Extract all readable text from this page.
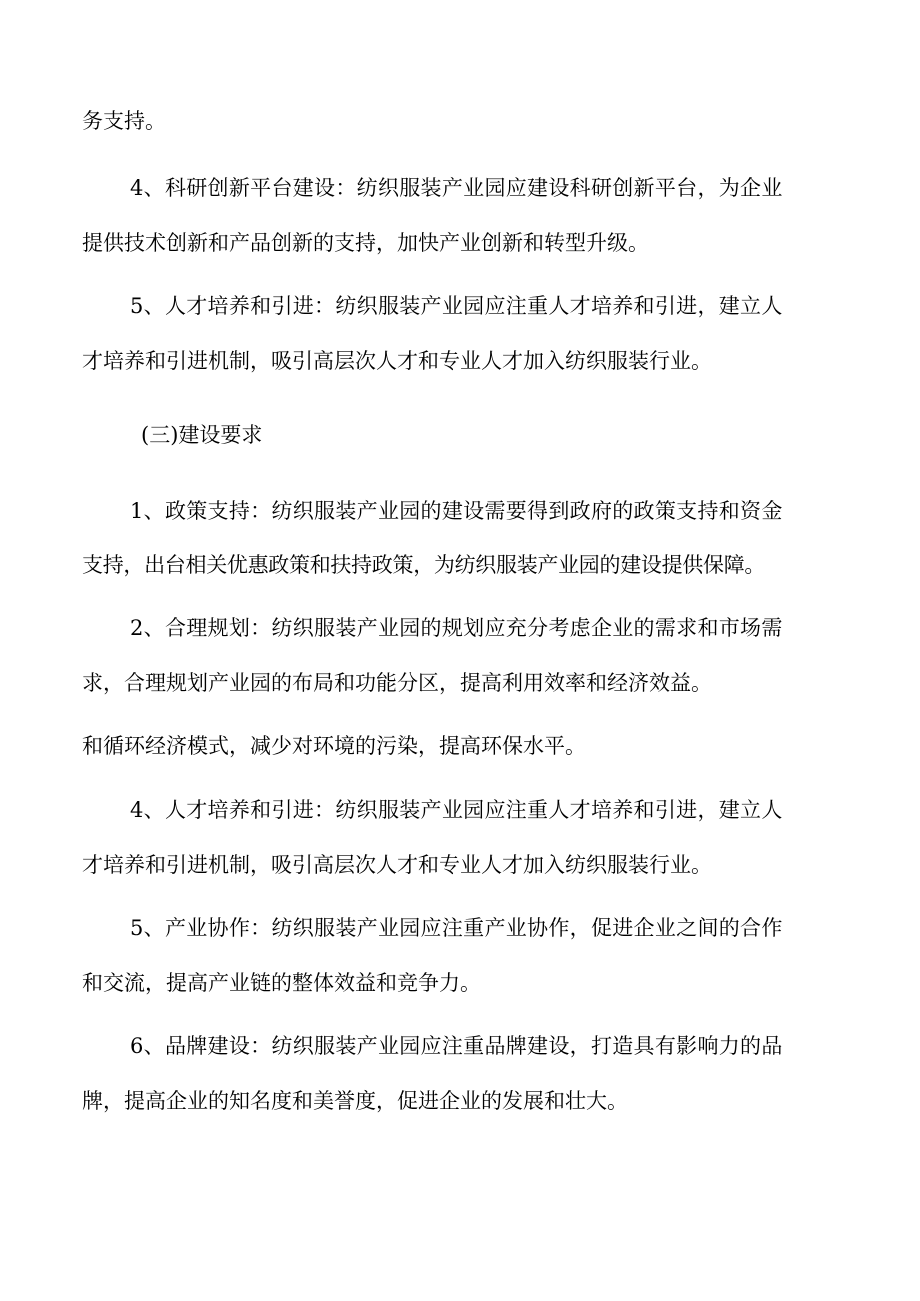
务支持。
4、科研创新平台建设：纺织服装产业园应建设科研创新平台，为企业
提供技术创新和产品创新的支持，加快产业创新和转型升级。
5、人才培养和引进：纺织服装产业园应注重人才培养和引进，建立人
才培养和引进机制，吸引高层次人才和专业人才加入纺织服装行业。
(三)建设要求
1、政策支持：纺织服装产业园的建设需要得到政府的政策支持和资金
支持，出台相关优惠政策和扶持政策，为纺织服装产业园的建设提供保障。
2、合理规划：纺织服装产业园的规划应充分考虑企业的需求和市场需
求，合理规划产业园的布局和功能分区，提高利用效率和经济效益。
和循环经济模式，减少对环境的污染，提高环保水平。
4、人才培养和引进：纺织服装产业园应注重人才培养和引进，建立人
才培养和引进机制，吸引高层次人才和专业人才加入纺织服装行业。
5、产业协作：纺织服装产业园应注重产业协作，促进企业之间的合作
和交流，提高产业链的整体效益和竞争力。
6、品牌建设：纺织服装产业园应注重品牌建设，打造具有影响力的品
牌，提高企业的知名度和美誉度，促进企业的发展和壮大。
